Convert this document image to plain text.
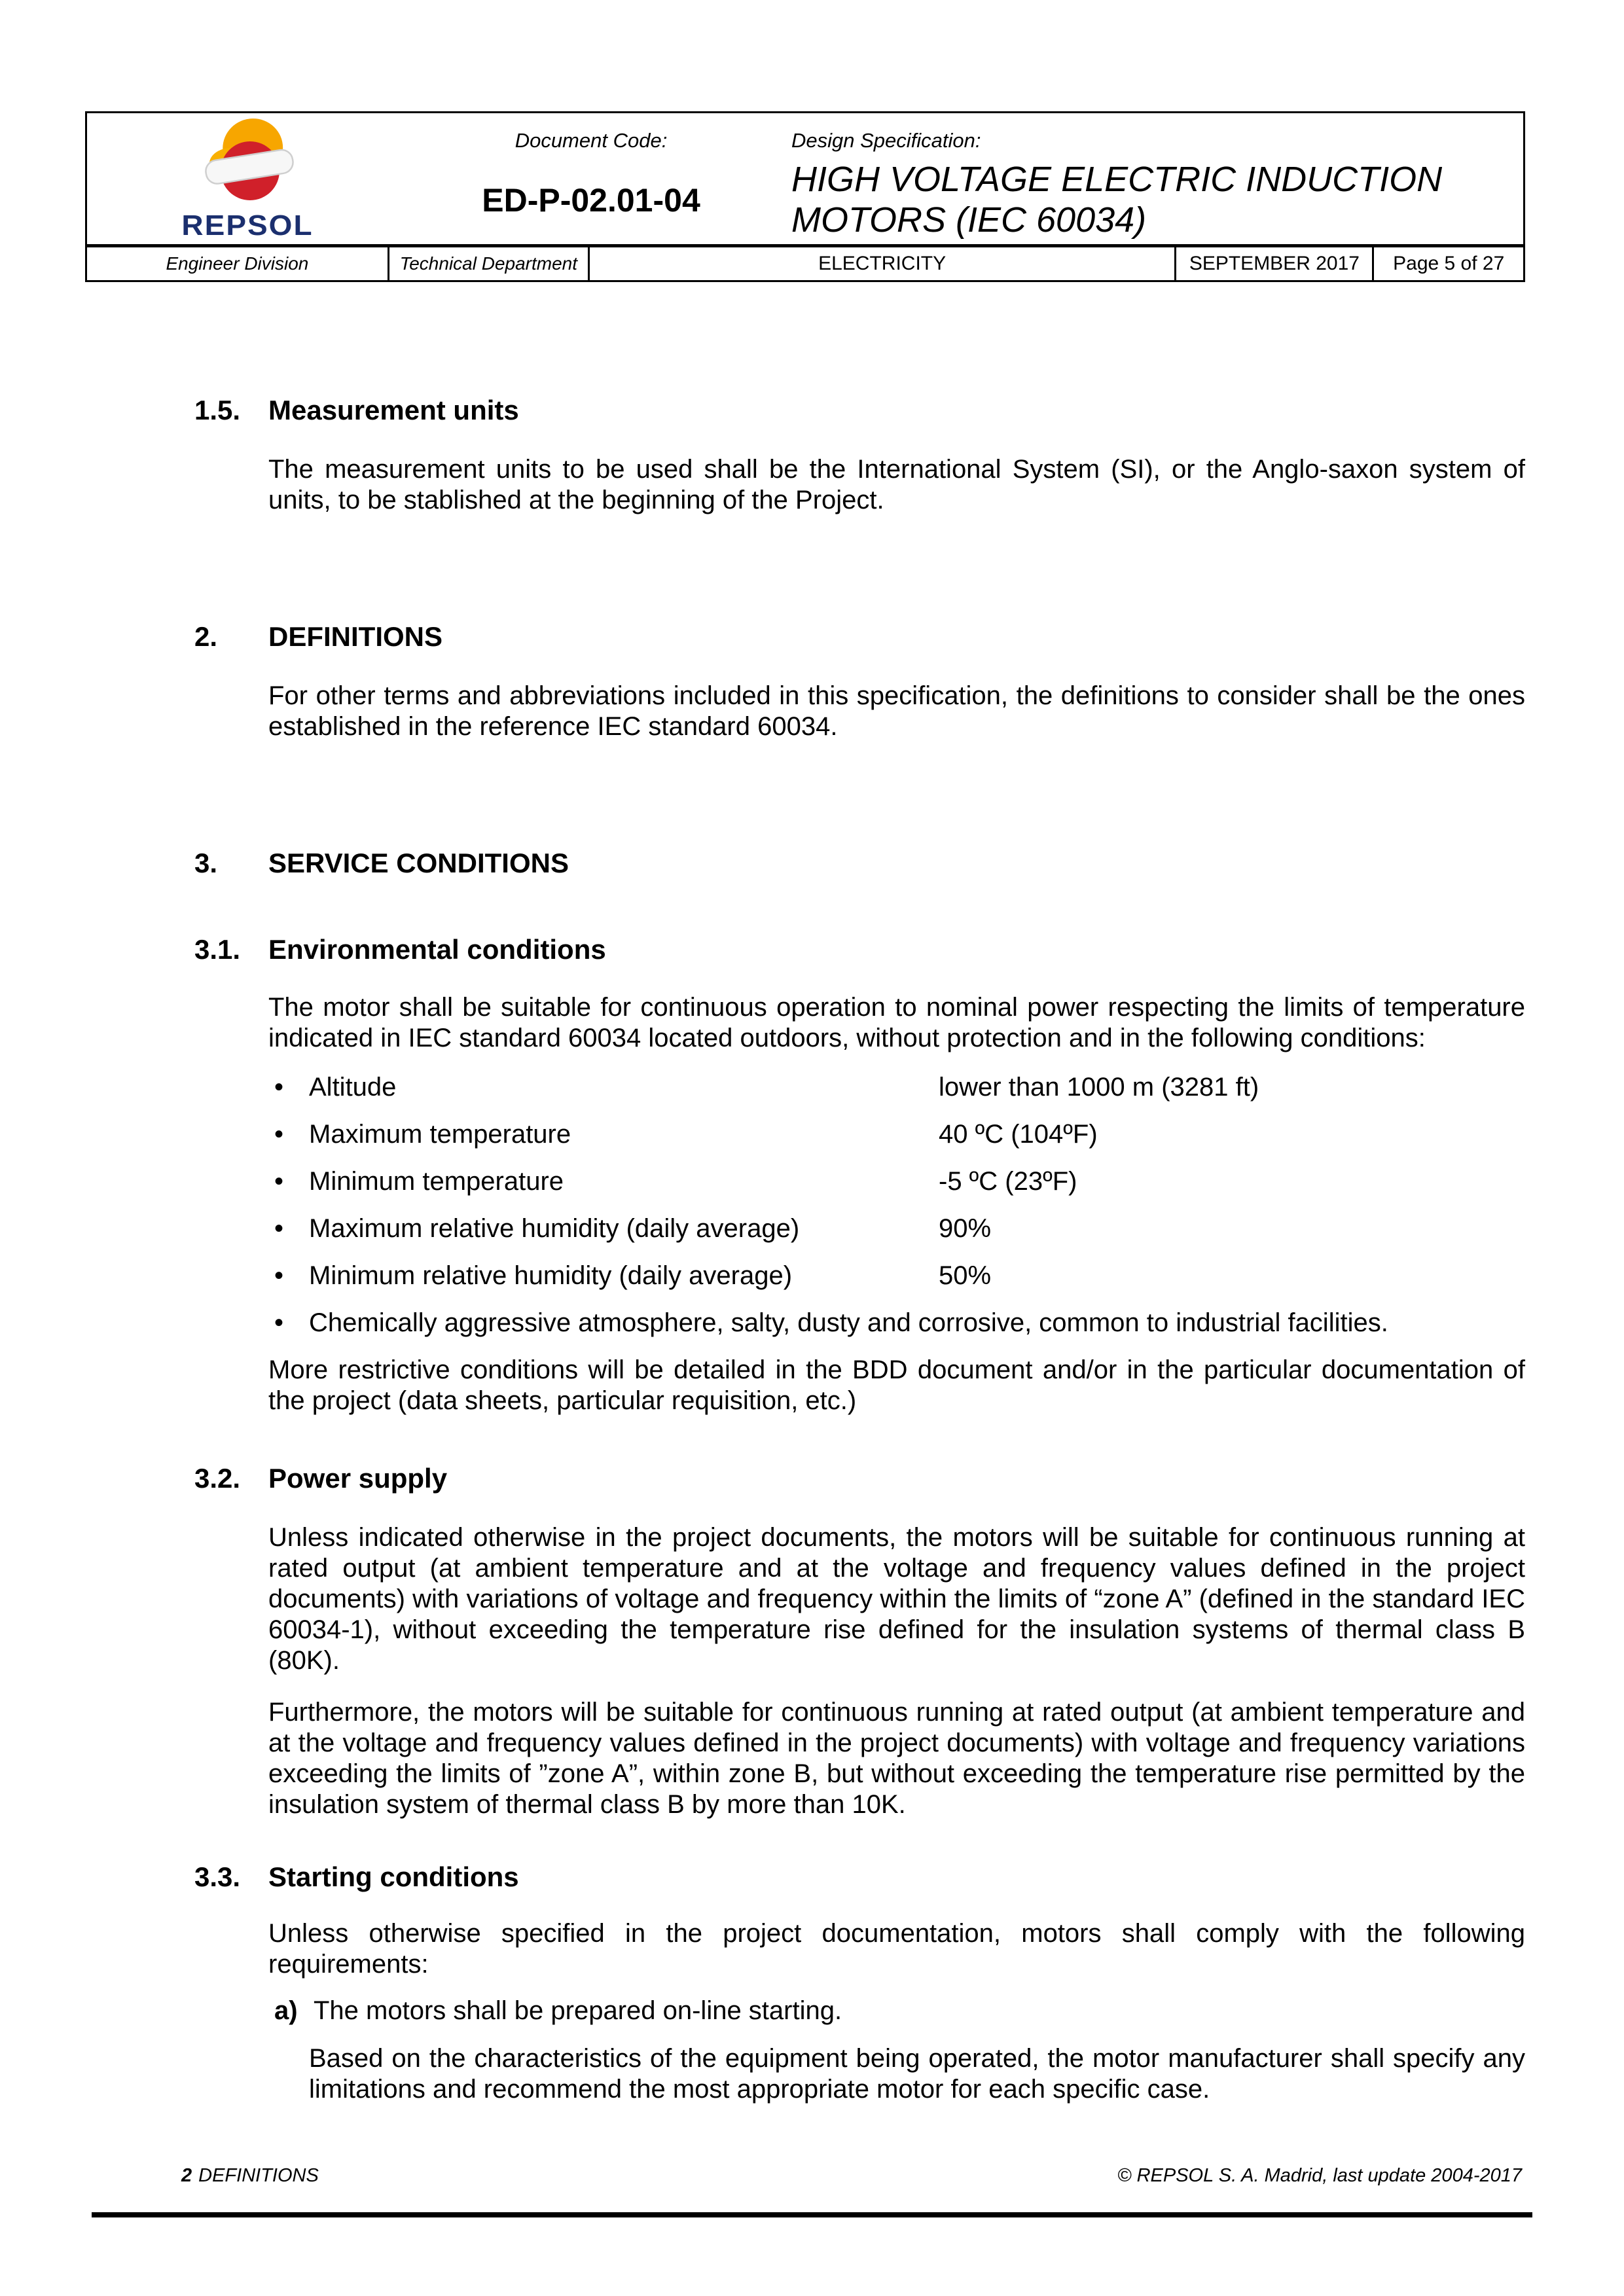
REPSOL
Document Code:
ED-P-02.01-04
Design Specification:
HIGH VOLTAGE ELECTRIC INDUCTION
MOTORS (IEC 60034)
Engineer Division	Technical Department	ELECTRICITY	SEPTEMBER 2017	Page 5 of 27
1.5.	Measurement units
The measurement units to be used shall be the International System (SI), or the Anglo-saxon system of units, to be stablished at the beginning of the Project.
2.	DEFINITIONS
For other terms and abbreviations included in this specification, the definitions to consider shall be the ones established in the reference IEC standard 60034.
3.	SERVICE CONDITIONS
3.1.	Environmental conditions
The motor shall be suitable for continuous operation to nominal power respecting the limits of temperature indicated in IEC standard 60034 located outdoors, without protection and in the following conditions:
• Altitude	lower than 1000 m (3281 ft)
• Maximum temperature	40 ºC (104ºF)
• Minimum temperature	-5 ºC (23ºF)
• Maximum relative humidity (daily average)	90%
• Minimum relative humidity (daily average)	50%
• Chemically aggressive atmosphere, salty, dusty and corrosive, common to industrial facilities.
More restrictive conditions will be detailed in the BDD document and/or in the particular documentation of the project (data sheets, particular requisition, etc.)
3.2.	Power supply
Unless indicated otherwise in the project documents, the motors will be suitable for continuous running at rated output (at ambient temperature and at the voltage and frequency values defined in the project documents) with variations of voltage and frequency within the limits of “zone A” (defined in the standard IEC 60034-1), without exceeding the temperature rise defined for the insulation systems of thermal class B (80K).
Furthermore, the motors will be suitable for continuous running at rated output (at ambient temperature and at the voltage and frequency values defined in the project documents) with voltage and frequency variations exceeding the limits of ”zone A”, within zone B, but without exceeding the temperature rise permitted by the insulation system of thermal class B by more than 10K.
3.3.	Starting conditions
Unless otherwise specified in the project documentation, motors shall comply with the following requirements:
a) The motors shall be prepared on-line starting.
Based on the characteristics of the equipment being operated, the motor manufacturer shall specify any limitations and recommend the most appropriate motor for each specific case.
2 DEFINITIONS	© REPSOL S. A. Madrid, last update 2004-2017
